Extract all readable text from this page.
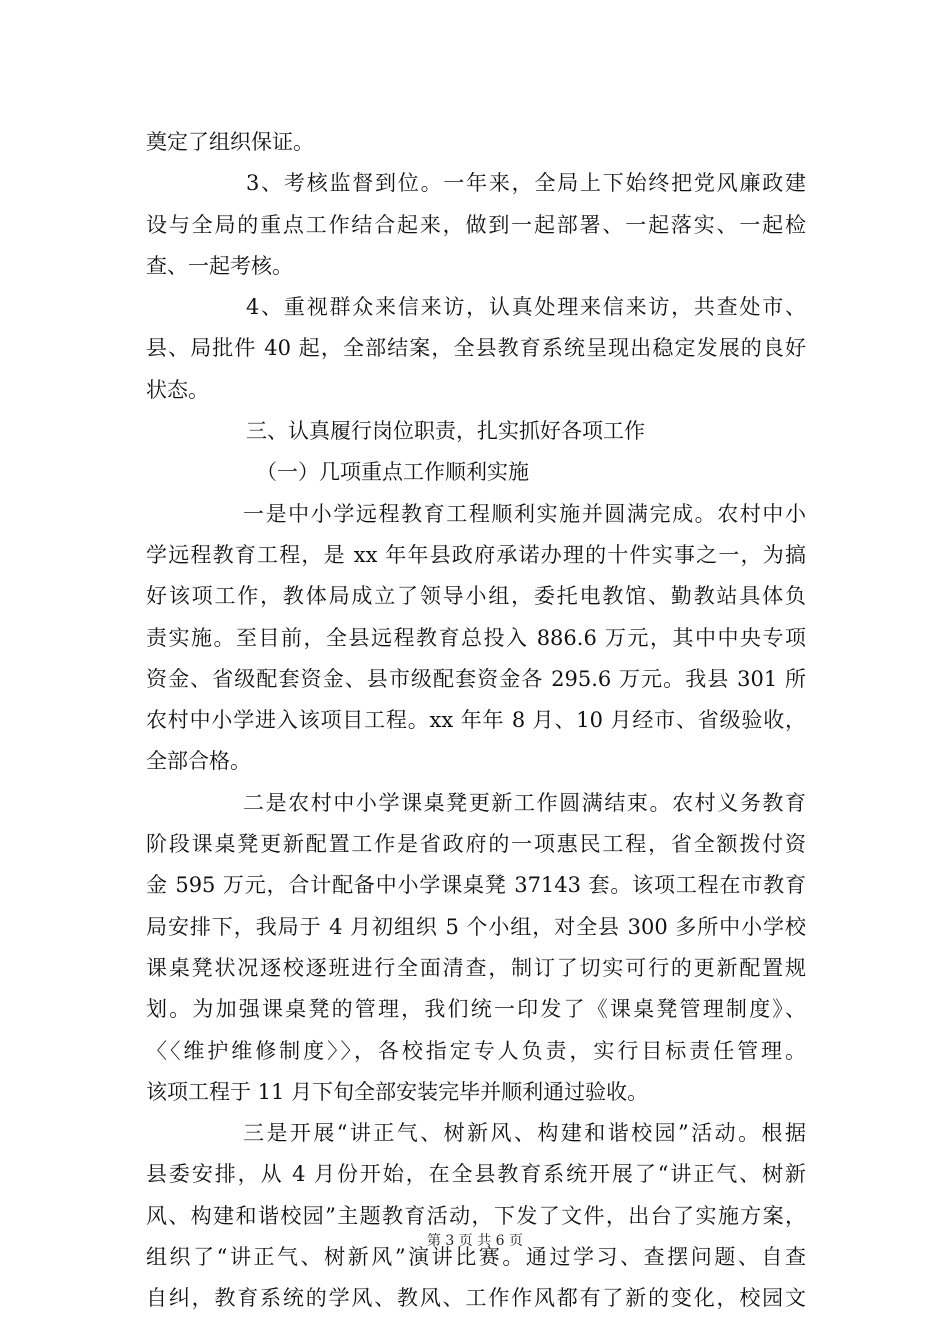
奠定了组织保证。
3、考核监督到位。一年来，全局上下始终把党风廉政建
设与全局的重点工作结合起来，做到一起部署、一起落实、一起检
查、一起考核。
4、重视群众来信来访，认真处理来信来访，共查处市、
县、局批件 40 起，全部结案，全县教育系统呈现出稳定发展的良好
状态。
三、认真履行岗位职责，扎实抓好各项工作
（一）几项重点工作顺利实施
一是中小学远程教育工程顺利实施并圆满完成。农村中小
学远程教育工程，是 xx 年年县政府承诺办理的十件实事之一，为搞
好该项工作，教体局成立了领导小组，委托电教馆、勤教站具体负
责实施。至目前，全县远程教育总投入 886.6 万元，其中中央专项
资金、省级配套资金、县市级配套资金各 295.6 万元。我县 301 所
农村中小学进入该项目工程。xx 年年 8 月、10 月经市、省级验收，
全部合格。
二是农村中小学课桌凳更新工作圆满结束。农村义务教育
阶段课桌凳更新配置工作是省政府的一项惠民工程，省全额拨付资
金 595 万元，合计配备中小学课桌凳 37143 套。该项工程在市教育
局安排下，我局于 4 月初组织 5 个小组，对全县 300 多所中小学校
课桌凳状况逐校逐班进行全面清查，制订了切实可行的更新配置规
划。为加强课桌凳的管理，我们统一印发了《课桌凳管理制度》、
〈〈维护维修制度〉〉，各校指定专人负责，实行目标责任管理。
该项工程于 11 月下旬全部安装完毕并顺利通过验收。
三是开展“讲正气、树新风、构建和谐校园”活动。根据
县委安排，从 4 月份开始，在全县教育系统开展了“讲正气、树新
风、构建和谐校园”主题教育活动，下发了文件，出台了实施方案，
组织了“讲正气、树新风”演讲比赛。通过学习、查摆问题、自查
自纠，教育系统的学风、教风、工作作风都有了新的变化，校园文
第 3 页 共 6 页
